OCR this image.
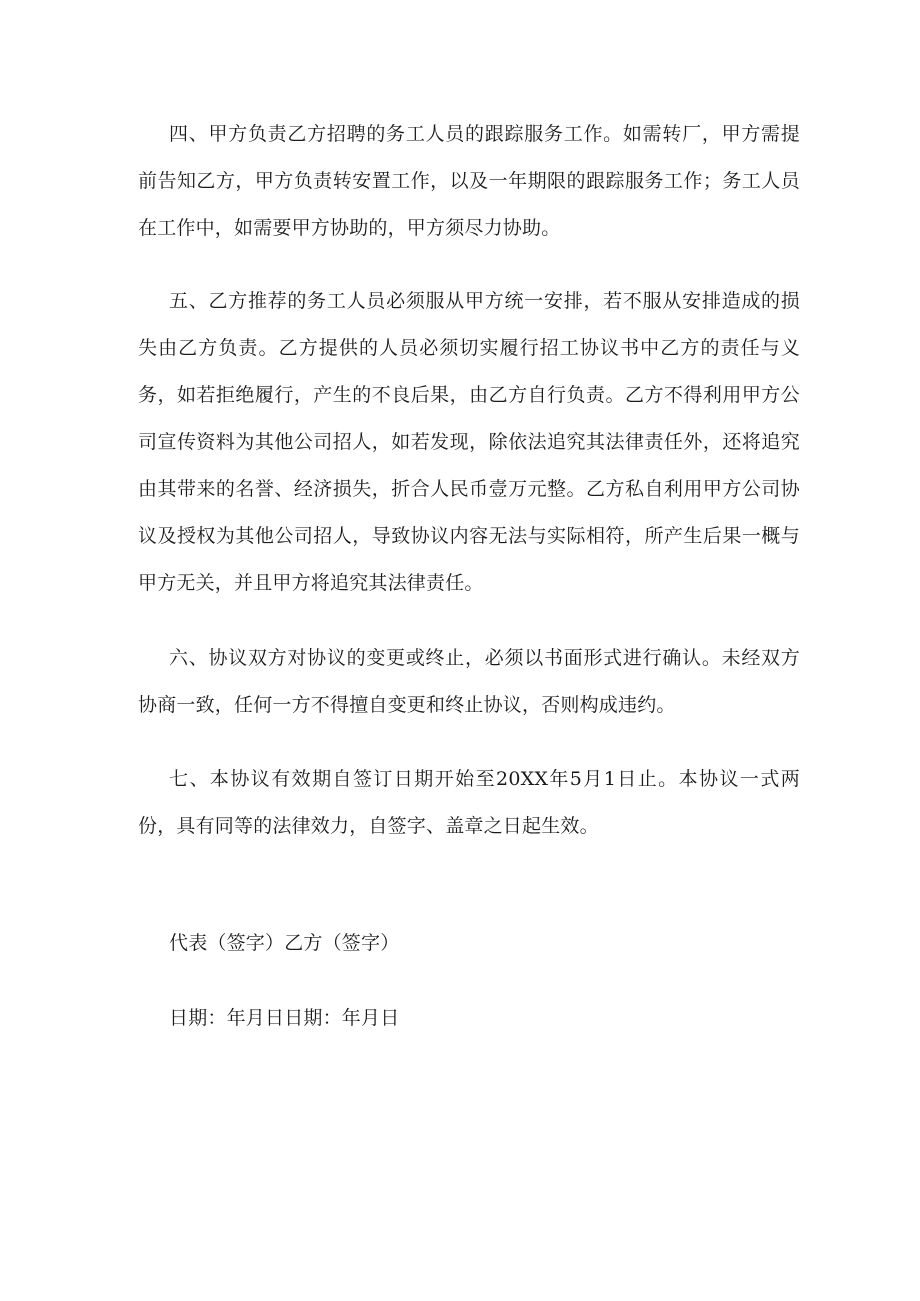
四、甲方负责乙方招聘的务工人员的跟踪服务工作。如需转厂，甲方需提前告知乙方，甲方负责转安置工作，以及一年期限的跟踪服务工作；务工人员在工作中，如需要甲方协助的，甲方须尽力协助。

五、乙方推荐的务工人员必须服从甲方统一安排，若不服从安排造成的损失由乙方负责。乙方提供的人员必须切实履行招工协议书中乙方的责任与义务，如若拒绝履行，产生的不良后果，由乙方自行负责。乙方不得利用甲方公司宣传资料为其他公司招人，如若发现，除依法追究其法律责任外，还将追究由其带来的名誉、经济损失，折合人民币壹万元整。乙方私自利用甲方公司协议及授权为其他公司招人，导致协议内容无法与实际相符，所产生后果一概与甲方无关，并且甲方将追究其法律责任。

六、协议双方对协议的变更或终止，必须以书面形式进行确认。未经双方协商一致，任何一方不得擅自变更和终止协议，否则构成违约。

七、本协议有效期自签订日期开始至20XX年5月1日止。本协议一式两份，具有同等的法律效力，自签字、盖章之日起生效。

代表（签字）乙方（签字）

日期：年月日日期：年月日
